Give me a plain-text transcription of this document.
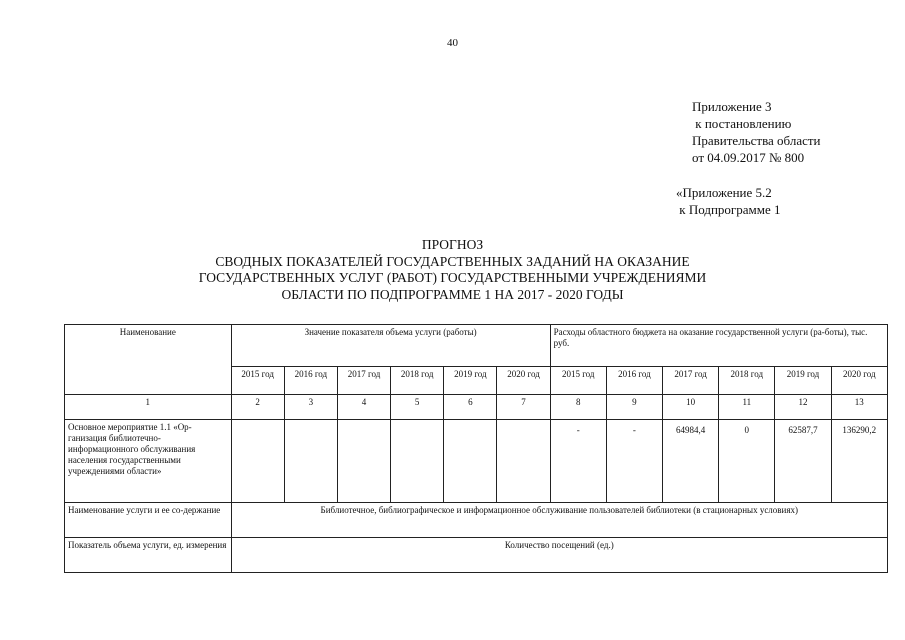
40
Приложение 3
к постановлению
Правительства области
от 04.09.2017 № 800
«Приложение 5.2
к Подпрограмме 1
ПРОГНОЗ
СВОДНЫХ ПОКАЗАТЕЛЕЙ ГОСУДАРСТВЕННЫХ ЗАДАНИЙ НА ОКАЗАНИЕ
ГОСУДАРСТВЕННЫХ УСЛУГ (РАБОТ) ГОСУДАРСТВЕННЫМИ УЧРЕЖДЕНИЯМИ
ОБЛАСТИ ПО ПОДПРОГРАММЕ 1 НА 2017 - 2020 ГОДЫ
Наименование	Значение показателя объема услуги (работы)						Расходы областного бюджета на оказание государственной услуги (ра-боты), тыс. руб.					
	2015 год	2016 год	2017 год	2018 год	2019 год	2020 год	2015 год	2016 год	2017 год	2018 год	2019 год	2020 год
1	2	3	4	5	6	7	8	9	10	11	12	13
Основное мероприятие 1.1 «Ор-ганизация библиотечно-информационного обслуживания населения государственными учреждениями области»							-	-	64984,4	0	62587,7	136290,2
Наименование услуги и ее со-держание	Библиотечное, библиографическое и информационное обслуживание пользователей библиотеки (в стационарных условиях)											
Показатель объема услуги, ед. измерения	Количество посещений (ед.)											
